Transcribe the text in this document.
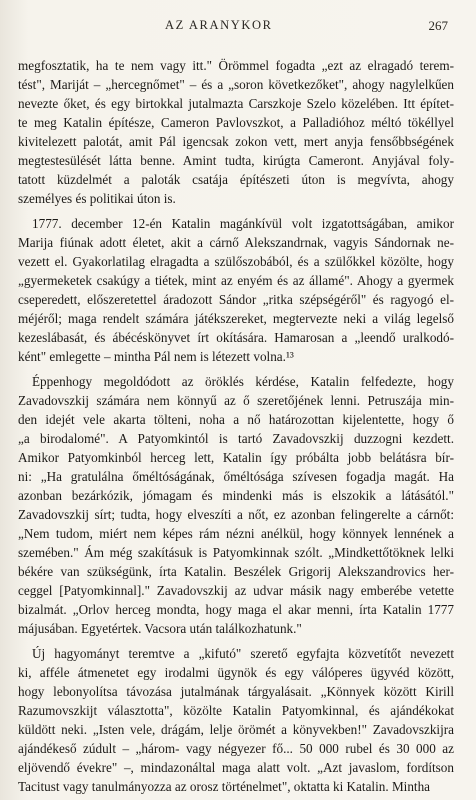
AZ ARANYKOR	267
megfosztatik, ha te nem vagy itt." Örömmel fogadta „ezt az elragadó terem-
tést", Mariját – „hercegnőmet" – és a „soron következőket", ahogy nagylelkűen
nevezte őket, és egy birtokkal jutalmazta Carszkoje Szelo közelében. Itt építet-
te meg Katalin építésze, Cameron Pavlovszkot, a Palladióhoz méltó tökéllyel
kivitelezett palotát, amit Pál igencsak zokon vett, mert anyja fensőbbségének
megtestesülését látta benne. Amint tudta, kirúgta Cameront. Anyjával foly-
tatott küzdelmét a paloták csatája építészeti úton is megvívta, ahogy
személyes és politikai úton is.
1777. december 12-én Katalin magánkívül volt izgatottságában, amikor
Marija fiúnak adott életet, akit a cárnő Alekszandrnak, vagyis Sándornak ne-
vezett el. Gyakorlatilag elragadta a szülőszobából, és a szülőkkel közölte, hogy
„gyermeketek csakúgy a tiétek, mint az enyém és az államé". Ahogy a gyermek
cseperedett, előszeretettel áradozott Sándor „ritka szépségéről" és ragyogó el-
méjéről; maga rendelt számára játékszereket, megtervezte neki a világ legelső
kezeslábasát, és ábécéskönyvet írt okítására. Hamarosan a „leendő uralkodó-
ként" emlegette – mintha Pál nem is létezett volna.¹³
Éppenhogy megoldódott az öröklés kérdése, Katalin felfedezte, hogy
Zavadovszkij számára nem könnyű az ő szeretőjének lenni. Petruszája min-
den idejét vele akarta tölteni, noha a nő határozottan kijelentette, hogy ő
„a birodalomé". A Patyomkintól is tartó Zavadovszkij duzzogni kezdett.
Amikor Patyomkinból herceg lett, Katalin így próbálta jobb belátásra bír-
ni: „Ha gratulálna őméltóságának, őméltósága szívesen fogadja magát. Ha
azonban bezárkózik, jómagam és mindenki más is elszokik a látásától."
Zavadovszkij sírt; tudta, hogy elveszíti a nőt, ez azonban felingerelte a cárnőt:
„Nem tudom, miért nem képes rám nézni anélkül, hogy könnyek lennének a
szemében." Ám még szakításuk is Patyomkinnak szólt. „Mindkettőtöknek lelki
békére van szükségünk, írta Katalin. Beszélek Grigorij Alekszandrovics her-
ceggel [Patyomkinnal]." Zavadovszkij az udvar másik nagy emberébe vetette
bizalmát. „Orlov herceg mondta, hogy maga el akar menni, írta Katalin 1777
májusában. Egyetértek. Vacsora után találkozhatunk."
Új hagyományt teremtve a „kifutó" szerető egyfajta közvetítőt nevezett
ki, afféle átmenetet egy irodalmi ügynök és egy válóperes ügyvéd között,
hogy lebonyolítsa távozása jutalmának tárgyalásait. „Könnyek között Kirill
Razumovszkijt választotta", közölte Katalin Patyomkinnal, és ajándékokat
küldött neki. „Isten vele, drágám, lelje örömét a könyvekben!" Zavadovszkijra
ajándékeső zúdult – „három- vagy négyezer fő... 50 000 rubel és 30 000 az
eljövendő évekre" –, mindazonáltal maga alatt volt. „Azt javaslom, fordítson
Tacitust vagy tanulmányozza az orosz történelmet", oktatta ki Katalin. Mintha
